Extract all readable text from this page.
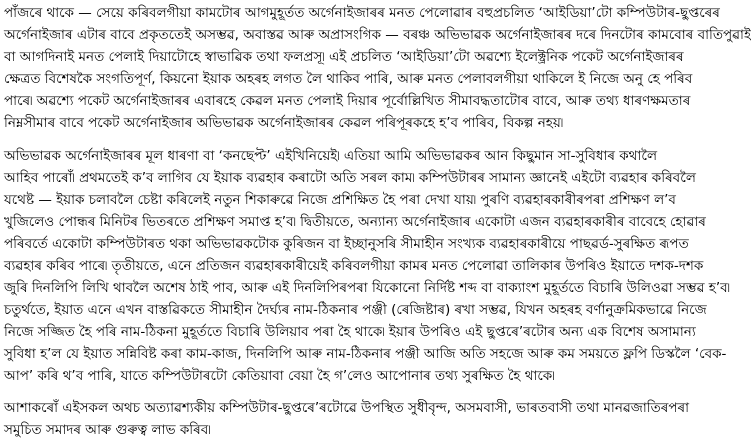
পাঁজৰে থাকে — সেয়ে কৰিবলগীয়া কামটোৰ আগমুহূৰ্তত অৰ্গেনাইজাৰৰ মনত পেলোৱাৰ বহুপ্ৰচলিত ‘আইডিয়া’টো কম্পিউটাৰ-ছুপ্তৰেৰ
অৰ্গেনাইজাৰ এটাৰ বাবে প্ৰকৃততেই অসম্ভৱ, অবাস্তৱ আৰু অপ্ৰাসংগিক — বৰঞ্চ অভিভাৱক অৰ্গেনাইজাৰৰ দৰে দিনটোৰ কামবোৰ বাতিপুৱাই
বা আগদিনাই মনত পেলাই দিয়াটোহে স্বাভাৱিক তথা ফলপ্ৰসূ৷ এই প্ৰচলিত ‘আইডিয়া’টো অৱশ্যে ইলেক্ট্ৰনিক পকেট অৰ্গেনাইজাৰৰ
ক্ষেত্ৰত বিশেষকৈ সংগতিপূৰ্ণ, কিয়নো ইয়াক অহৰহ লগত লৈ থাকিব পাৰি, আৰু মনত পেলাবলগীয়া থাকিলে ই নিজে অনু হে পৰিব
পাৰে৷ অৱশ্যে পকেট অৰ্গেনাইজাৰৰ এবাৰহে কেৱল মনত পেলাই দিয়াৰ পূৰ্বোল্লিখিত সীমাবদ্ধতাটোৰ বাবে, আৰু তথ্য ধাৰণক্ষমতাৰ
নিম্নসীমাৰ বাবে পকেট অৰ্গেনাইজাৰ অভিভাৱক অৰ্গেনাইজাৰৰ কেৱল পৰিপূৰকহে হ’ব পাৰিব, বিকল্প নহয়৷
অভিভাৱক অৰ্গেনাইজাৰৰ মূল ধাৰণা বা ‘কনছেপ্ট’ এইখিনিয়েই৷ এতিয়া আমি অভিভাৱকৰ আন কিছুমান সা-সুবিধাৰ কথালৈ
আহিব পাৰোঁ৷ প্ৰথমতেই ক’ব লাগিব যে ইয়াক ব্যৱহাৰ কৰাটো অতি সৰল কাম৷ কম্পিউটাৰৰ সামান্য জ্ঞানেই এইটো ব্যৱহাৰ কৰিবলৈ
যথেষ্ট — ইয়াক চলাবলৈ চেষ্টা কৰিলেই নতুন শিকাৰুৱে নিজে প্ৰশিক্ষিত হৈ পৰা দেখা যায়৷ পুৰণি ব্যৱহাৰকাৰীৰপৰা প্ৰশিক্ষণ ল’ব
খুজিলেও পোন্ধৰ মিনিটৰ ভিতৰতে প্ৰশিক্ষণ সমাপ্ত হ’ব৷ দ্বিতীয়তে, অন্যান্য অৰ্গেনাইজাৰ একোটা এজন ব্যৱহাৰকাৰীৰ বাবেহে হোৱাৰ
পৰিবৰ্তে একোটা কম্পিউটাৰত থকা অভিভাৱকটোক কুৰিজন বা ইচ্ছানুসৰি সীমাহীন সংখ্যক ব্যৱহাৰকাৰীয়ে পাছৱৰ্ড-সুৰক্ষিত ৰূপত
ব্যৱহাৰ কৰিব পাৰে৷ তৃতীয়তে, এনে প্ৰতিজন ব্যৱহাৰকাৰীয়েই কৰিবলগীয়া কামৰ মনত পেলোৱা তালিকাৰ উপৰিও ইয়াতে দশক-দশক
জুৰি দিনলিপি লিখি থাবলৈ অশেষ ঠাই পাব, আৰু এই দিনলিপিৰপৰা যিকোনো নিৰ্দিষ্ট শব্দ বা বাক্যাংশ মুহূৰ্ততে বিচাৰি উলিওৱা সম্ভৱ হ’ব৷
চতুৰ্থতে, ইয়াত এনে এখন বাস্তৱিকতে সীমাহীন দৈৰ্ঘ্যৰ নাম-ঠিকনাৰ পঞ্জী (ৰেজিষ্টাৰ) ৰখা সম্ভৱ, যিখন অহৰহ বৰ্ণানুক্ৰমিকভাৱে নিজে
নিজে সজ্জিত হৈ পৰি নাম-ঠিকনা মুহূৰ্ততে বিচাৰি উলিয়াব পৰা হৈ থাকে৷ ইয়াৰ উপৰিও এই ছুপ্তৰে’ৰটোৰ অন্য এক বিশেষ অসামান্য
সুবিধা হ’ল যে ইয়াত সন্নিবিষ্ট কৰা কাম-কাজ, দিনলিপি আৰু নাম-ঠিকনাৰ পঞ্জী আজি অতি সহজে আৰু কম সময়তে ফ্লপি ডিস্কলৈ ‘বেক-
আপ’ কৰি থ’ব পাৰি, যাতে কম্পিউটাৰটো কেতিয়াবা বেয়া হৈ গ’লেও আপোনাৰ তথ্য সুৰক্ষিত হৈ থাকে৷
আশাকৰোঁ এইসকল অথচ অত্যাৱশ্যকীয় কম্পিউটাৰ-ছুপ্তৰে’ৰটোৱে উপস্থিত সুধীবৃন্দ, অসমবাসী, ভাৰতবাসী তথা মানৱজাতিৰপৰা
সমুচিত সমাদৰ আৰু গুৰুত্ব লাভ কৰিব৷
